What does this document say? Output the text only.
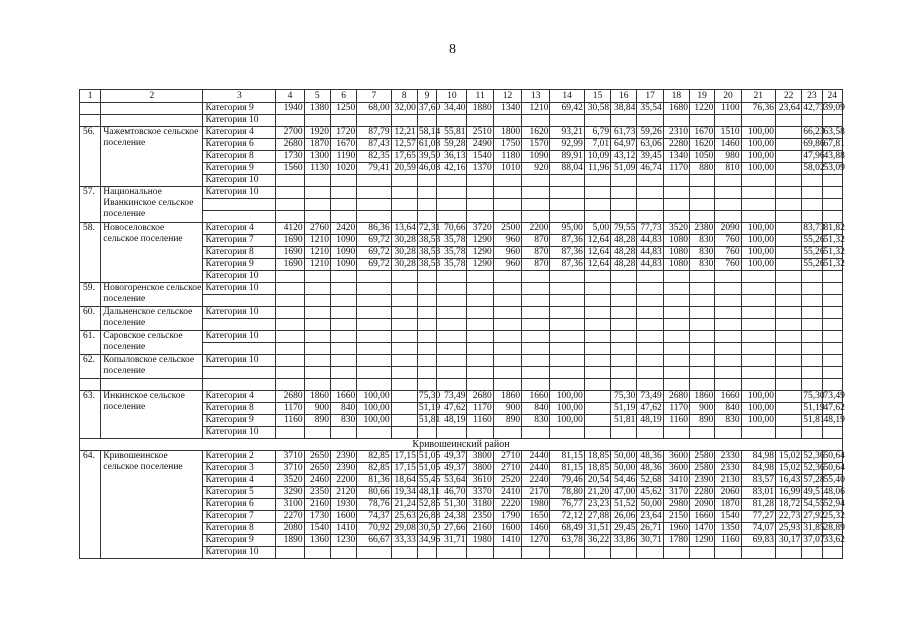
8
1	2	3	4	5	6	7	8	9	10	11	12	13	14	15	16	17	18	19	20	21	22	23	24
		Категория 9	1940	1380	1250	68,00	32,00	37,60	34,40	1880	1340	1210	69,42	30,58	38,84	35,54	1680	1220	1100	76,36	23,64	42,73	39,09
		Категория 10																					
56.	Чажемтовское сельское поселение	Категория 4	2700	1920	1720	87,79	12,21	58,14	55,81	2510	1800	1620	93,21	6,79	61,73	59,26	2310	1670	1510	100,00		66,23	63,58
		Категория 6	2680	1870	1670	87,43	12,57	61,08	59,28	2490	1750	1570	92,99	7,01	64,97	63,06	2280	1620	1460	100,00		69,86	67,81
		Категория 8	1730	1300	1190	82,35	17,65	39,50	36,13	1540	1180	1090	89,91	10,09	43,12	39,45	1340	1050	980	100,00		47,96	43,88
		Категория 9	1560	1130	1020	79,41	20,59	46,08	42,16	1370	1010	920	88,04	11,96	51,09	46,74	1170	880	810	100,00		58,02	53,09
		Категория 10																					
57.	Национальное Иванкинское сельское поселение	Категория 10																					

58.	Новоселовское сельское поселение	Категория 4	4120	2760	2420	86,36	13,64	72,31	70,66	3720	2500	2200	95,00	5,00	79,55	77,73	3520	2380	2090	100,00		83,73	81,82
		Категория 7	1690	1210	1090	69,72	30,28	38,53	35,78	1290	960	870	87,36	12,64	48,28	44,83	1080	830	760	100,00		55,26	51,32
		Категория 8	1690	1210	1090	69,72	30,28	38,53	35,78	1290	960	870	87,36	12,64	48,28	44,83	1080	830	760	100,00		55,26	51,32
		Категория 9	1690	1210	1090	69,72	30,28	38,53	35,78	1290	960	870	87,36	12,64	48,28	44,83	1080	830	760	100,00		55,26	51,32
		Категория 10																					
59.	Новогоренское сельское поселение	Категория 10																					

60.	Дальненское сельское поселение	Категория 10																					

61.	Саровское сельское поселение	Категория 10																					

62.	Копыловское сельское поселение	Категория 10																					

63.	Инкинское сельское поселение	Категория 4	2680	1860	1660	100,00		75,30	73,49	2680	1860	1660	100,00		75,30	73,49	2680	1860	1660	100,00		75,30	73,49
		Категория 8	1170	900	840	100,00		51,19	47,62	1170	900	840	100,00		51,19	47,62	1170	900	840	100,00		51,19	47,62
		Категория 9	1160	890	830	100,00		51,81	48,19	1160	890	830	100,00		51,81	48,19	1160	890	830	100,00		51,81	48,19
		Категория 10																					
Кривошеинский район																							
64.	Кривошеинское сельское поселение	Категория 2	3710	2650	2390	82,85	17,15	51,05	49,37	3800	2710	2440	81,15	18,85	50,00	48,36	3600	2580	2330	84,98	15,02	52,36	50,64
		Категория 3	3710	2650	2390	82,85	17,15	51,05	49,37	3800	2710	2440	81,15	18,85	50,00	48,36	3600	2580	2330	84,98	15,02	52,36	50,64
		Категория 4	3520	2460	2200	81,36	18,64	55,45	53,64	3610	2520	2240	79,46	20,54	54,46	52,68	3410	2390	2130	83,57	16,43	57,28	55,40
		Категория 5	3290	2350	2120	80,66	19,34	48,11	46,70	3370	2410	2170	78,80	21,20	47,00	45,62	3170	2280	2060	83,01	16,99	49,51	48,06
		Категория 6	3100	2160	1930	78,76	21,24	52,85	51,30	3180	2220	1980	76,77	23,23	51,52	50,00	2980	2090	1870	81,28	18,72	54,55	52,94
		Категория 7	2270	1730	1600	74,37	25,63	26,88	24,38	2350	1790	1650	72,12	27,88	26,06	23,64	2150	1660	1540	77,27	22,73	27,92	25,32
		Категория 8	2080	1540	1410	70,92	29,08	30,50	27,66	2160	1600	1460	68,49	31,51	29,45	26,71	1960	1470	1350	74,07	25,93	31,85	28,89
		Категория 9	1890	1360	1230	66,67	33,33	34,96	31,71	1980	1410	1270	63,78	36,22	33,86	30,71	1780	1290	1160	69,83	30,17	37,07	33,62
		Категория 10																					
